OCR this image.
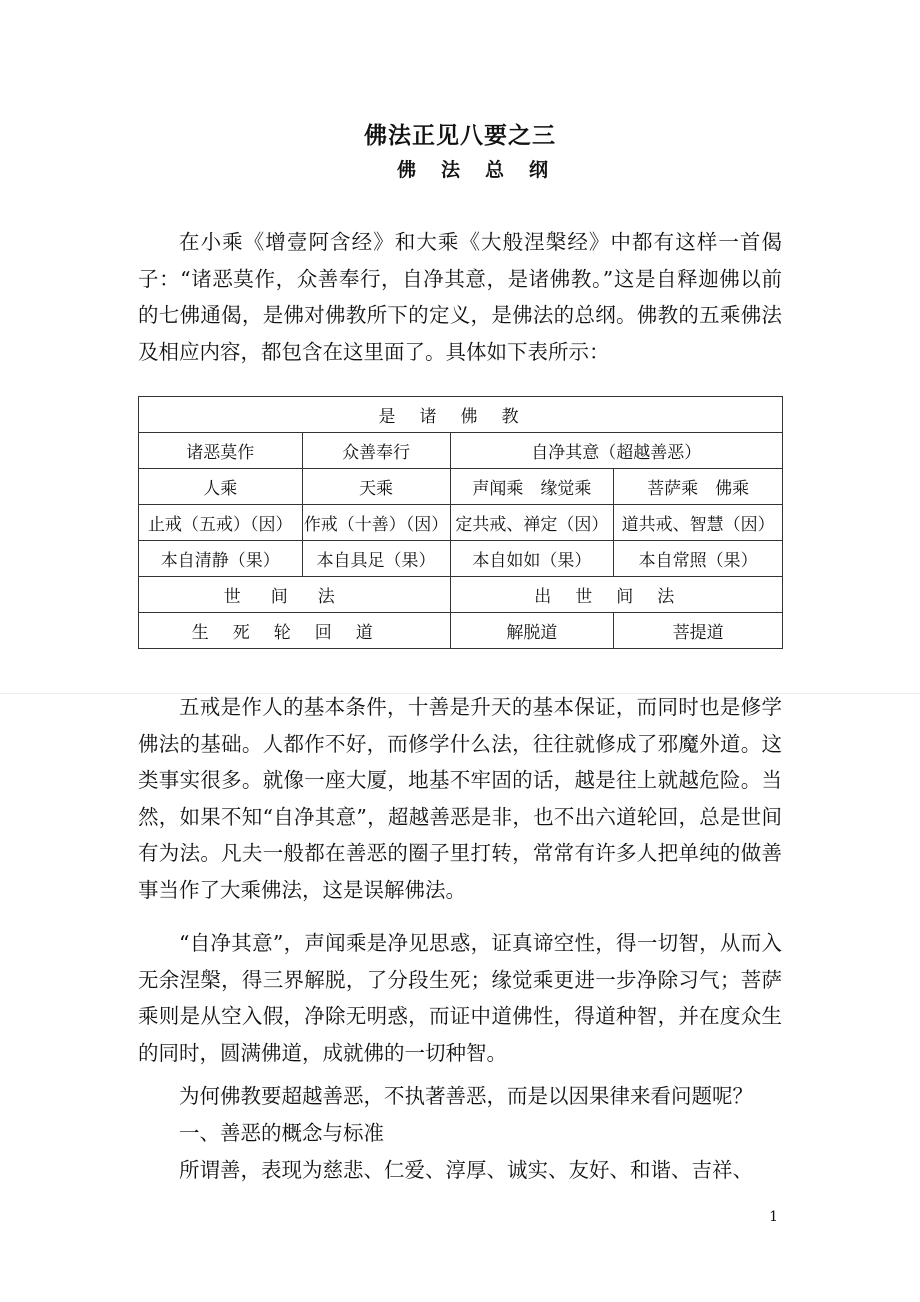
佛法正见八要之三
佛法总纲
在小乘《增壹阿含经》和大乘《大般涅槃经》中都有这样一首偈子：“诸恶莫作，众善奉行，自净其意，是诸佛教。”这是自释迦佛以前的七佛通偈，是佛对佛教所下的定义，是佛法的总纲。佛教的五乘佛法及相应内容，都包含在这里面了。具体如下表所示：
是诸佛教			
诸恶莫作	众善奉行	自净其意（超越善恶）	
人乘	天乘	声闻乘　缘觉乘	菩萨乘　佛乘
止戒（五戒）（因）	作戒（十善）（因）	定共戒、禅定（因）	道共戒、智慧（因）
本自清静（果）	本自具足（果）	本自如如（果）	本自常照（果）
世间法		出世间法	
生死轮回道		解脱道	菩提道
五戒是作人的基本条件，十善是升天的基本保证，而同时也是修学佛法的基础。人都作不好，而修学什么法，往往就修成了邪魔外道。这类事实很多。就像一座大厦，地基不牢固的话，越是往上就越危险。当然，如果不知“自净其意”，超越善恶是非，也不出六道轮回，总是世间有为法。凡夫一般都在善恶的圈子里打转，常常有许多人把单纯的做善事当作了大乘佛法，这是误解佛法。
“自净其意”，声闻乘是净见思惑，证真谛空性，得一切智，从而入无余涅槃，得三界解脱，了分段生死；缘觉乘更进一步净除习气；菩萨乘则是从空入假，净除无明惑，而证中道佛性，得道种智，并在度众生的同时，圆满佛道，成就佛的一切种智。
为何佛教要超越善恶，不执著善恶，而是以因果律来看问题呢？
一、善恶的概念与标准
所谓善，表现为慈悲、仁爱、淳厚、诚实、友好、和谐、吉祥、
1
